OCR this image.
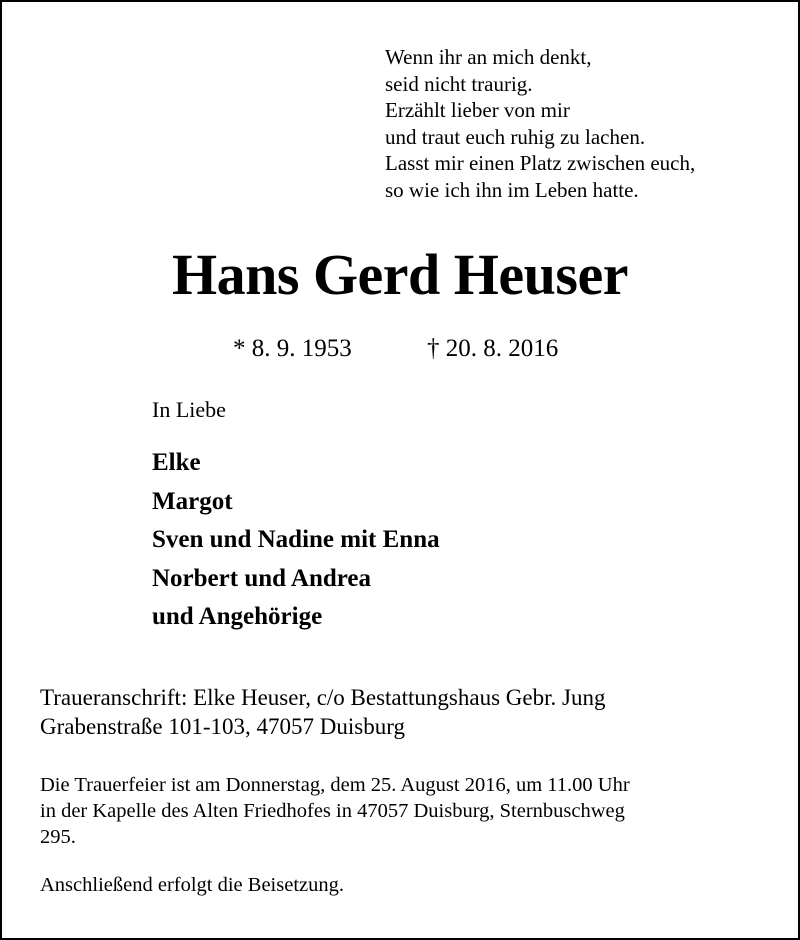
Wenn ihr an mich denkt,
seid nicht traurig.
Erzählt lieber von mir
und traut euch ruhig zu lachen.
Lasst mir einen Platz zwischen euch,
so wie ich ihn im Leben hatte.
Hans Gerd Heuser
* 8. 9. 1953	† 20. 8. 2016
In Liebe
Elke
Margot
Sven und Nadine mit Enna
Norbert und Andrea
und Angehörige
Traueranschrift: Elke Heuser, c/o Bestattungshaus Gebr. Jung
Grabenstraße 101-103, 47057 Duisburg
Die Trauerfeier ist am Donnerstag, dem 25. August 2016, um 11.00 Uhr
in der Kapelle des Alten Friedhofes in 47057 Duisburg, Sternbuschweg
295.
Anschließend erfolgt die Beisetzung.
